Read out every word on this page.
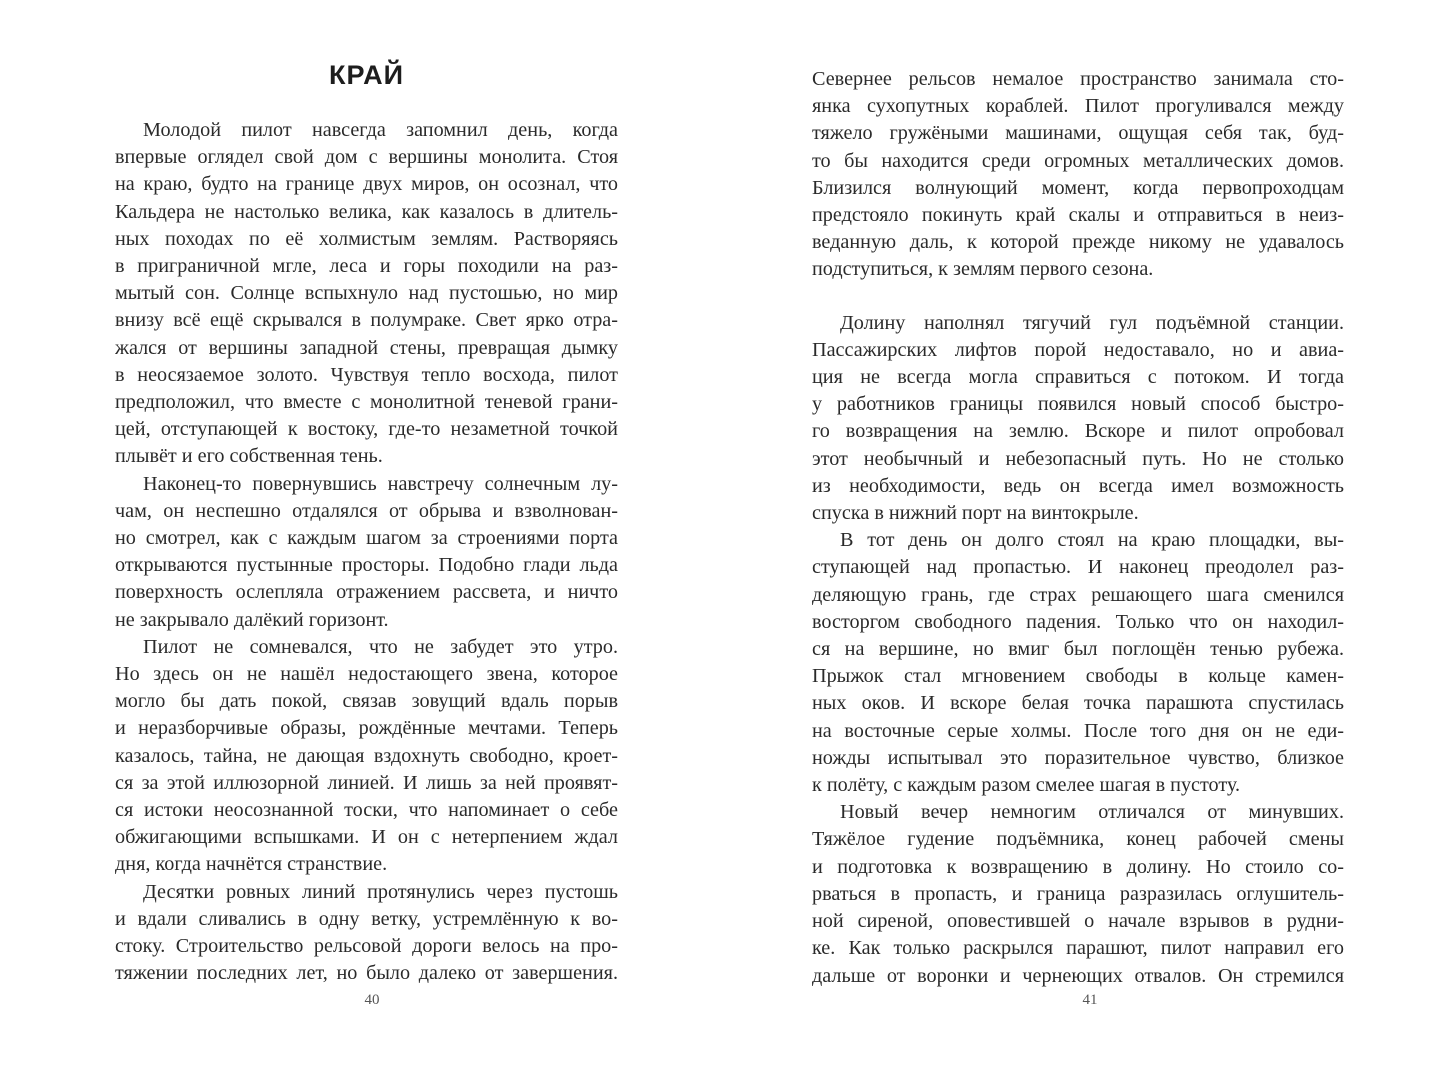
КРАЙ
Молодой пилот навсегда запомнил день, когда
впервые оглядел свой дом с вершины монолита. Стоя
на краю, будто на границе двух миров, он осознал, что
Кальдера не настолько велика, как казалось в длитель-
ных походах по её холмистым землям. Растворяясь
в приграничной мгле, леса и горы походили на раз-
мытый сон. Солнце вспыхнуло над пустошью, но мир
внизу всё ещё скрывался в полумраке. Свет ярко отра-
жался от вершины западной стены, превращая дымку
в неосязаемое золото. Чувствуя тепло восхода, пилот
предположил, что вместе с монолитной теневой грани-
цей, отступающей к востоку, где-то незаметной точкой
плывёт и его собственная тень.
Наконец-то повернувшись навстречу солнечным лу-
чам, он неспешно отдалялся от обрыва и взволнован-
но смотрел, как с каждым шагом за строениями порта
открываются пустынные просторы. Подобно глади льда
поверхность ослепляла отражением рассвета, и ничто
не закрывало далёкий горизонт.
Пилот не сомневался, что не забудет это утро.
Но здесь он не нашёл недостающего звена, которое
могло бы дать покой, связав зовущий вдаль порыв
и неразборчивые образы, рождённые мечтами. Теперь
казалось, тайна, не дающая вздохнуть свободно, кроет-
ся за этой иллюзорной линией. И лишь за ней проявят-
ся истоки неосознанной тоски, что напоминает о себе
обжигающими вспышками. И он с нетерпением ждал
дня, когда начнётся странствие.
Десятки ровных линий протянулись через пустошь
и вдали сливались в одну ветку, устремлённую к во-
стоку. Строительство рельсовой дороги велось на про-
тяжении последних лет, но было далеко от завершения.
40
Севернее рельсов немалое пространство занимала сто-
янка сухопутных кораблей. Пилот прогуливался между
тяжело гружёными машинами, ощущая себя так, буд-
то бы находится среди огромных металлических домов.
Близился волнующий момент, когда первопроходцам
предстояло покинуть край скалы и отправиться в неиз-
веданную даль, к которой прежде никому не удавалось
подступиться, к землям первого сезона.
Долину наполнял тягучий гул подъёмной станции.
Пассажирских лифтов порой недоставало, но и авиа-
ция не всегда могла справиться с потоком. И тогда
у работников границы появился новый способ быстро-
го возвращения на землю. Вскоре и пилот опробовал
этот необычный и небезопасный путь. Но не столько
из необходимости, ведь он всегда имел возможность
спуска в нижний порт на винтокрыле.
В тот день он долго стоял на краю площадки, вы-
ступающей над пропастью. И наконец преодолел раз-
деляющую грань, где страх решающего шага сменился
восторгом свободного падения. Только что он находил-
ся на вершине, но вмиг был поглощён тенью рубежа.
Прыжок стал мгновением свободы в кольце камен-
ных оков. И вскоре белая точка парашюта спустилась
на восточные серые холмы. После того дня он не еди-
ножды испытывал это поразительное чувство, близкое
к полёту, с каждым разом смелее шагая в пустоту.
Новый вечер немногим отличался от минувших.
Тяжёлое гудение подъёмника, конец рабочей смены
и подготовка к возвращению в долину. Но стоило со-
рваться в пропасть, и граница разразилась оглушитель-
ной сиреной, оповестившей о начале взрывов в рудни-
ке. Как только раскрылся парашют, пилот направил его
дальше от воронки и чернеющих отвалов. Он стремился
41
